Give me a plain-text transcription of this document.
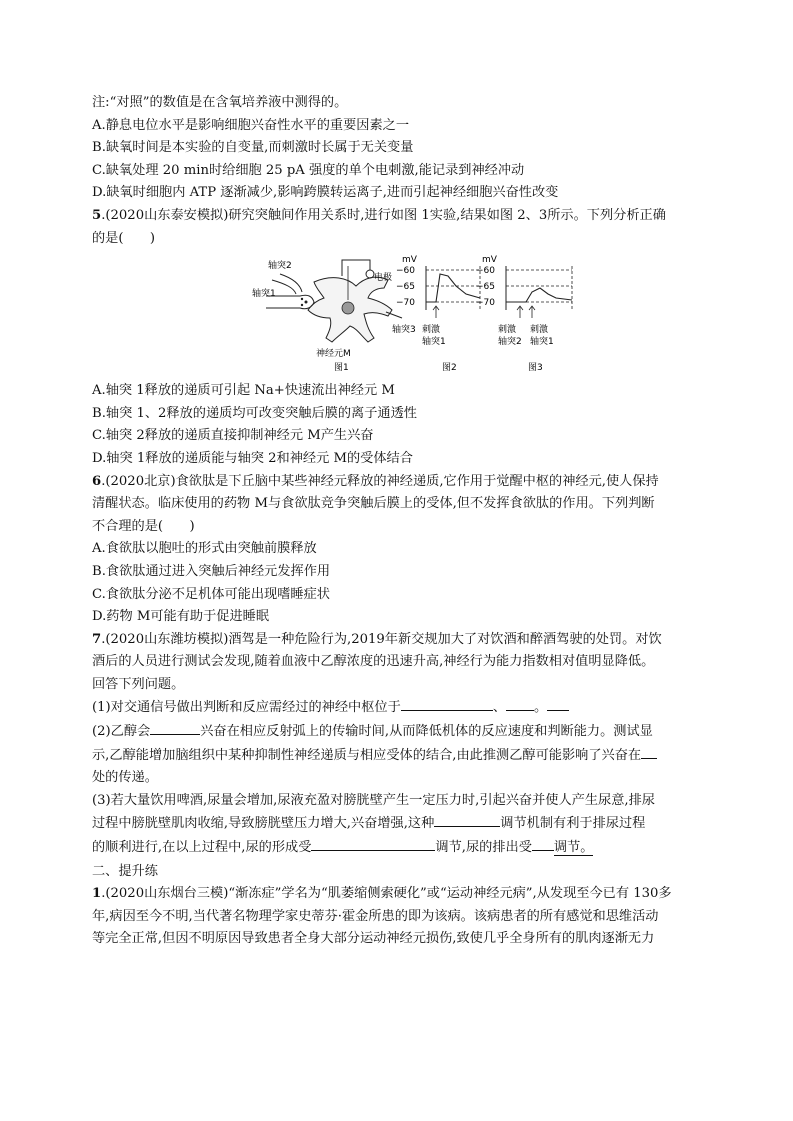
注:“对照”的数值是在含氧培养液中测得的。
A.静息电位水平是影响细胞兴奋性水平的重要因素之一
B.缺氧时间是本实验的自变量,而刺激时长属于无关变量
C.缺氧处理 20 min时给细胞 25 pA 强度的单个电刺激,能记录到神经冲动
D.缺氧时细胞内 ATP 逐渐减少,影响跨膜转运离子,进而引起神经细胞兴奋性改变
5.(2020山东泰安模拟)研究突触间作用关系时,进行如图 1实验,结果如图 2、3所示。下列分析正确
的是(　　)
电极
轴突2
轴突1
轴突3
神经元M
图1
mV
−60
−65
−70
刺激
轴突1
图2
mV
−60
−65
−70
刺激
轴突2
刺激
轴突1
图3
A.轴突 1释放的递质可引起 Na+快速流出神经元 M
B.轴突 1、2释放的递质均可改变突触后膜的离子通透性
C.轴突 2释放的递质直接抑制神经元 M产生兴奋
D.轴突 1释放的递质能与轴突 2和神经元 M的受体结合
6.(2020北京)食欲肽是下丘脑中某些神经元释放的神经递质,它作用于觉醒中枢的神经元,使人保持
清醒状态。临床使用的药物 M与食欲肽竞争突触后膜上的受体,但不发挥食欲肽的作用。下列判断
不合理的是(　　)
A.食欲肽以胞吐的形式由突触前膜释放
B.食欲肽通过进入突触后神经元发挥作用
C.食欲肽分泌不足机体可能出现嗜睡症状
D.药物 M可能有助于促进睡眠
7.(2020山东潍坊模拟)酒驾是一种危险行为,2019年新交规加大了对饮酒和醉酒驾驶的处罚。对饮
酒后的人员进行测试会发现,随着血液中乙醇浓度的迅速升高,神经行为能力指数相对值明显降低。
回答下列问题。
(1)对交通信号做出判断和反应需经过的神经中枢位于	、 。
(2)乙醇会	兴奋在相应反射弧上的传输时间,从而降低机体的反应速度和判断能力。测试显
示,乙醇能增加脑组织中某种抑制性神经递质与相应受体的结合,由此推测乙醇可能影响了兴奋在
处的传递。
(3)若大量饮用啤酒,尿量会增加,尿液充盈对膀胱壁产生一定压力时,引起兴奋并使人产生尿意,排尿
过程中膀胱壁肌肉收缩,导致膀胱壁压力增大,兴奋增强,这种	调节机制有利于排尿过程
的顺利进行,在以上过程中,尿的形成受	调节,尿的排出受 调节。
二、提升练
1.(2020山东烟台三模)“渐冻症”学名为“肌萎缩侧索硬化”或“运动神经元病”,从发现至今已有 130多
年,病因至今不明,当代著名物理学家史蒂芬·霍金所患的即为该病。该病患者的所有感觉和思维活动
等完全正常,但因不明原因导致患者全身大部分运动神经元损伤,致使几乎全身所有的肌肉逐渐无力
